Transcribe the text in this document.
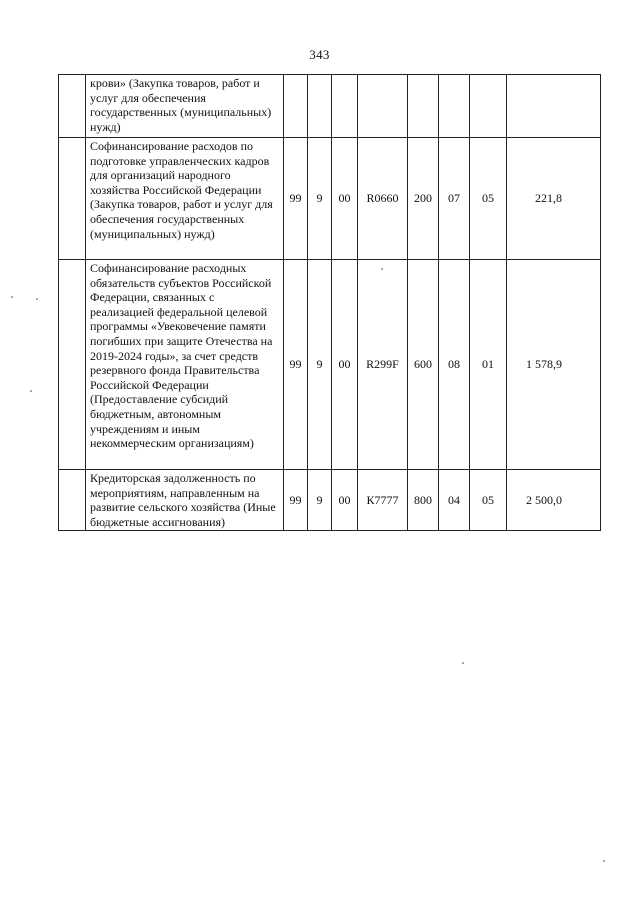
343
	крови» (Закупка товаров, работ и услуг для обеспечения государственных (муниципальных) нужд)								
	Софинансирование расходов по подготовке управленческих кадров для организаций народного хозяйства Российской Федерации (Закупка товаров, работ и услуг для обеспечения государственных (муниципальных) нужд)	99	9	00	R0660	200	07	05	221,8
	Софинансирование расходных обязательств субъектов Российской Федерации, связанных с реализацией федеральной целевой программы «Увековечение памяти погибших при защите Отечества на 2019-2024 годы», за счет средств резервного фонда Правительства Российской Федерации (Предоставление субсидий бюджетным, автономным учреждениям и иным некоммерческим организациям)	99	9	00	R299F	600	08	01	1 578,9
	Кредиторская задолженность по мероприятиям, направленным на развитие сельского хозяйства (Иные бюджетные ассигнования)	99	9	00	К7777	800	04	05	2 500,0
